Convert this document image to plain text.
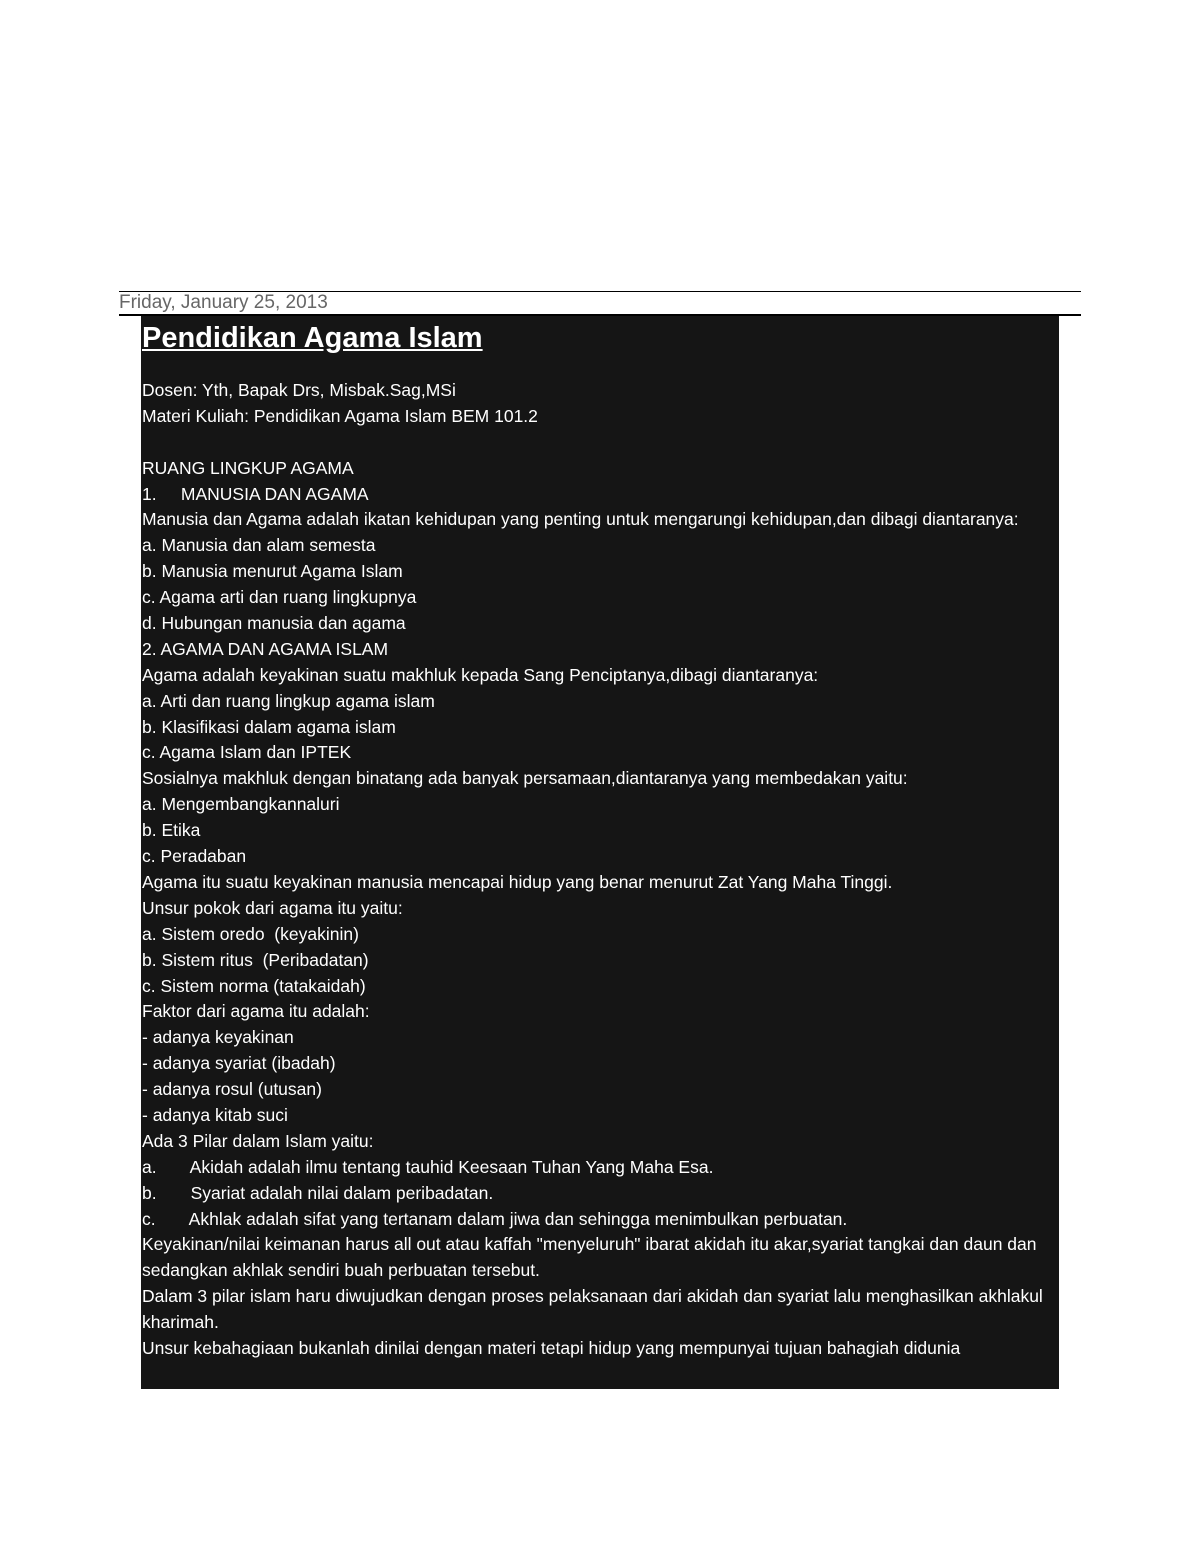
Friday, January 25, 2013
Pendidikan Agama Islam
Dosen: Yth, Bapak Drs, Misbak.Sag,MSi
Materi Kuliah: Pendidikan Agama Islam BEM 101.2
RUANG LINGKUP AGAMA
1.     MANUSIA DAN AGAMA
Manusia dan Agama adalah ikatan kehidupan yang penting untuk mengarungi kehidupan,dan dibagi diantaranya:
a. Manusia dan alam semesta
b. Manusia menurut Agama Islam
c. Agama arti dan ruang lingkupnya
d. Hubungan manusia dan agama
2. AGAMA DAN AGAMA ISLAM
Agama adalah keyakinan suatu makhluk kepada Sang Penciptanya,dibagi diantaranya:
a. Arti dan ruang lingkup agama islam
b. Klasifikasi dalam agama islam
c. Agama Islam dan IPTEK
Sosialnya makhluk dengan binatang ada banyak persamaan,diantaranya yang membedakan yaitu:
a. Mengembangkannaluri
b. Etika
c. Peradaban
Agama itu suatu keyakinan manusia mencapai hidup yang benar menurut Zat Yang Maha Tinggi.
Unsur pokok dari agama itu yaitu:
a. Sistem oredo  (keyakinin)
b. Sistem ritus  (Peribadatan)
c. Sistem norma (tatakaidah)
Faktor dari agama itu adalah:
- adanya keyakinan
- adanya syariat (ibadah)
- adanya rosul (utusan)
- adanya kitab suci
Ada 3 Pilar dalam Islam yaitu:
a.       Akidah adalah ilmu tentang tauhid Keesaan Tuhan Yang Maha Esa.
b.       Syariat adalah nilai dalam peribadatan.
c.       Akhlak adalah sifat yang tertanam dalam jiwa dan sehingga menimbulkan perbuatan.
Keyakinan/nilai keimanan harus all out atau kaffah "menyeluruh" ibarat akidah itu akar,syariat tangkai dan daun dan sedangkan akhlak sendiri buah perbuatan tersebut.
Dalam 3 pilar islam haru diwujudkan dengan proses pelaksanaan dari akidah dan syariat lalu menghasilkan akhlakul kharimah.
Unsur kebahagiaan bukanlah dinilai dengan materi tetapi hidup yang mempunyai tujuan bahagiah didunia
